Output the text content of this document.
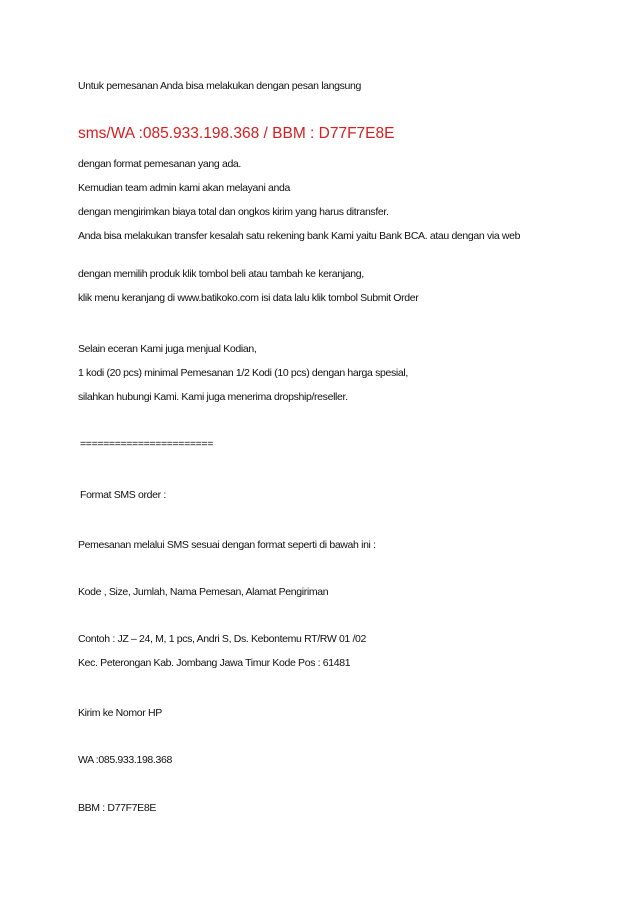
Untuk pemesanan Anda bisa melakukan dengan pesan langsung
sms/WA :085.933.198.368 / BBM : D77F7E8E
dengan format pemesanan yang ada.
Kemudian team admin kami akan melayani anda
dengan mengirimkan biaya total dan ongkos kirim yang harus ditransfer.
Anda bisa melakukan transfer kesalah satu rekening bank Kami yaitu Bank BCA. atau dengan via web
dengan memilih produk klik tombol beli atau tambah ke keranjang,
klik menu keranjang di www.batikoko.com isi data lalu klik tombol Submit Order
Selain eceran Kami juga menjual Kodian,
1 kodi (20 pcs) minimal Pemesanan 1/2 Kodi (10 pcs) dengan harga spesial,
silahkan hubungi Kami. Kami juga menerima dropship/reseller.
=======================
Format SMS order :
Pemesanan melalui SMS sesuai dengan format seperti di bawah ini :
Kode , Size, Jumlah, Nama Pemesan, Alamat Pengiriman
Contoh : JZ – 24, M, 1 pcs, Andri S, Ds. Kebontemu RT/RW 01 /02
Kec. Peterongan Kab. Jombang Jawa Timur Kode Pos : 61481
Kirim ke Nomor HP
WA :085.933.198.368
BBM : D77F7E8E
